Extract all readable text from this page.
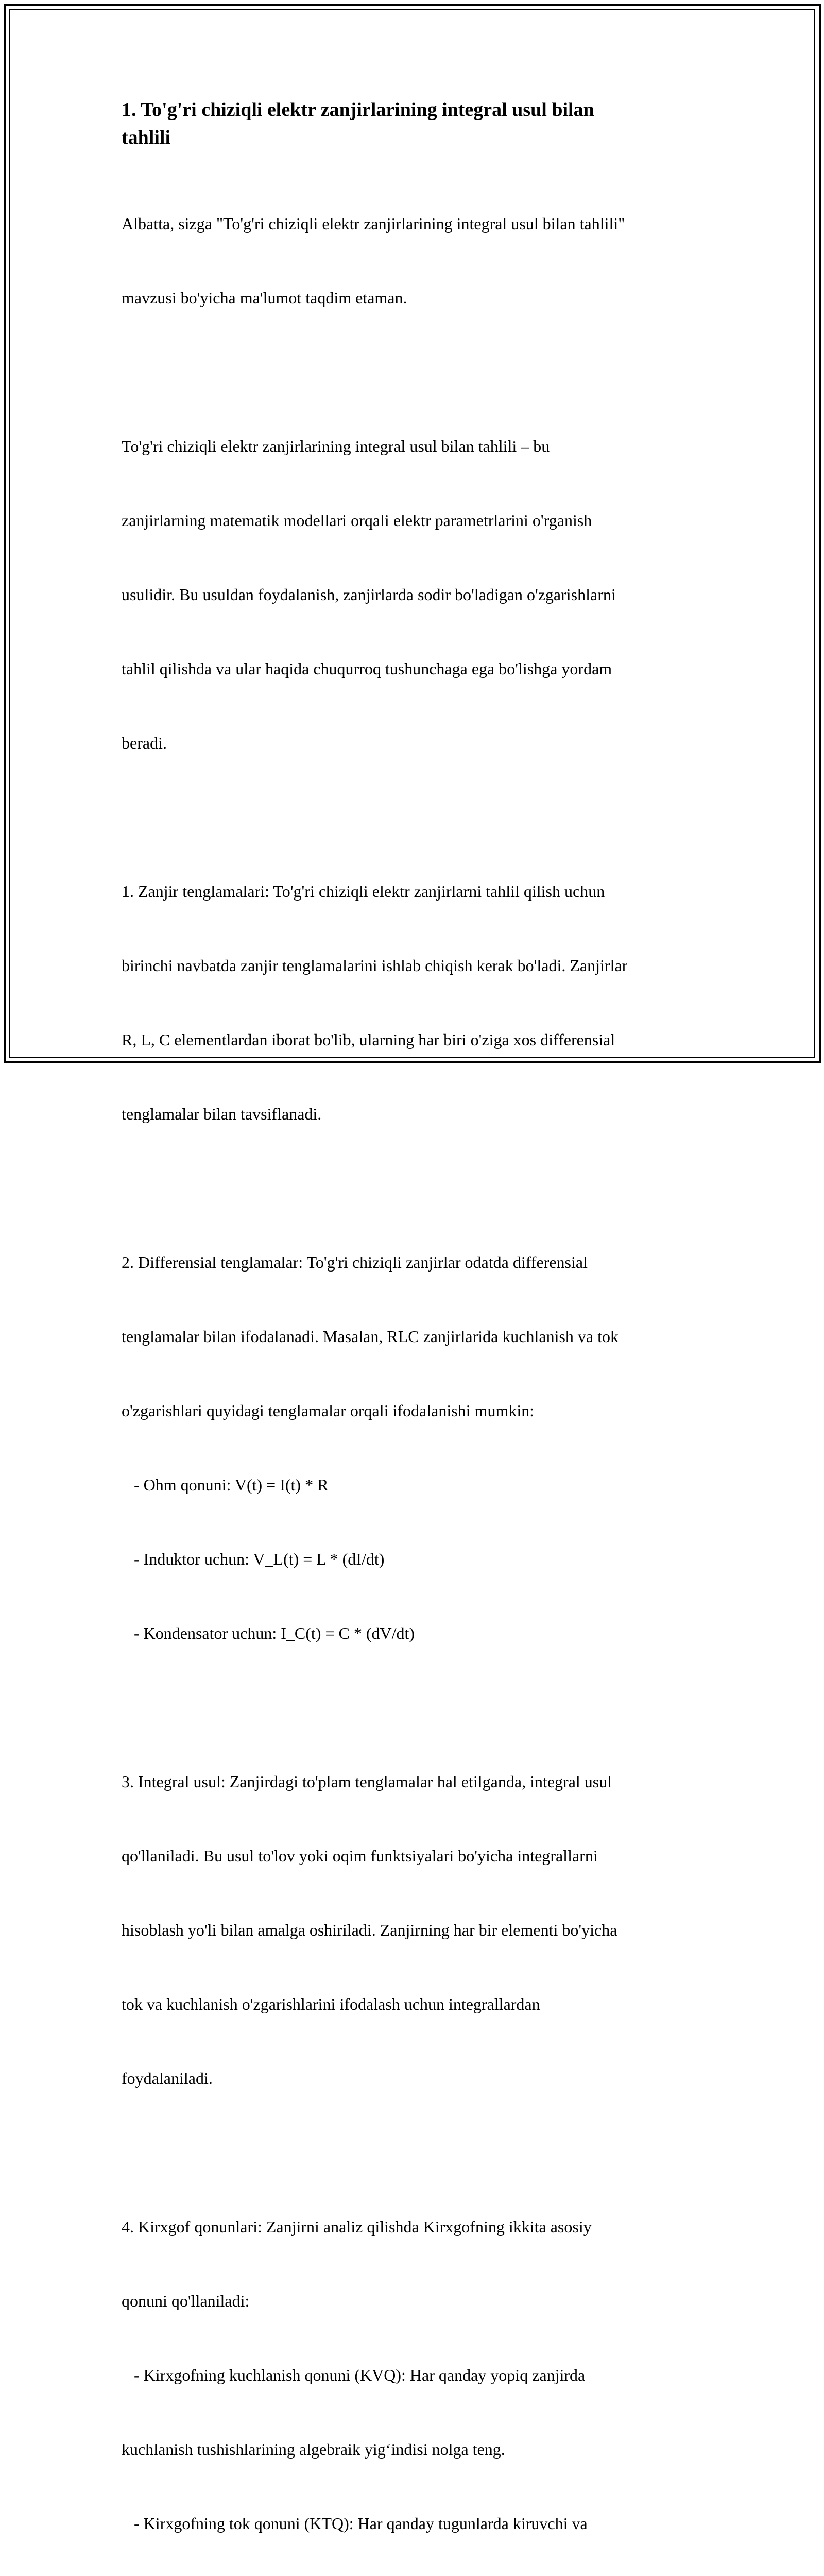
1. To'g'ri chiziqli elektr zanjirlarining integral usul bilan
tahlili

Albatta, sizga "To'g'ri chiziqli elektr zanjirlarining integral usul bilan tahlili"

mavzusi bo'yicha ma'lumot taqdim etaman.

To'g'ri chiziqli elektr zanjirlarining integral usul bilan tahlili – bu

zanjirlarning matematik modellari orqali elektr parametrlarini o'rganish

usulidir. Bu usuldan foydalanish, zanjirlarda sodir bo'ladigan o'zgarishlarni

tahlil qilishda va ular haqida chuqurroq tushunchaga ega bo'lishga yordam

beradi.

1. Zanjir tenglamalari: To'g'ri chiziqli elektr zanjirlarni tahlil qilish uchun

birinchi navbatda zanjir tenglamalarini ishlab chiqish kerak bo'ladi. Zanjirlar

R, L, C elementlardan iborat bo'lib, ularning har biri o'ziga xos differensial

tenglamalar bilan tavsiflanadi.

2. Differensial tenglamalar: To'g'ri chiziqli zanjirlar odatda differensial

tenglamalar bilan ifodalanadi. Masalan, RLC zanjirlarida kuchlanish va tok

o'zgarishlari quyidagi tenglamalar orqali ifodalanishi mumkin:

- Ohm qonuni: V(t) = I(t) * R

- Induktor uchun: V_L(t) = L * (dI/dt)

- Kondensator uchun: I_C(t) = C * (dV/dt)

3. Integral usul: Zanjirdagi to'plam tenglamalar hal etilganda, integral usul

qo'llaniladi. Bu usul to'lov yoki oqim funktsiyalari bo'yicha integrallarni

hisoblash yo'li bilan amalga oshiriladi. Zanjirning har bir elementi bo'yicha

tok va kuchlanish o'zgarishlarini ifodalash uchun integrallardan

foydalaniladi.

4. Kirxgof qonunlari: Zanjirni analiz qilishda Kirxgofning ikkita asosiy

qonuni qo'llaniladi:

- Kirxgofning kuchlanish qonuni (KVQ): Har qanday yopiq zanjirda

kuchlanish tushishlarining algebraik yig‘indisi nolga teng.

- Kirxgofning tok qonuni (KTQ): Har qanday tugunlarda kiruvchi va
